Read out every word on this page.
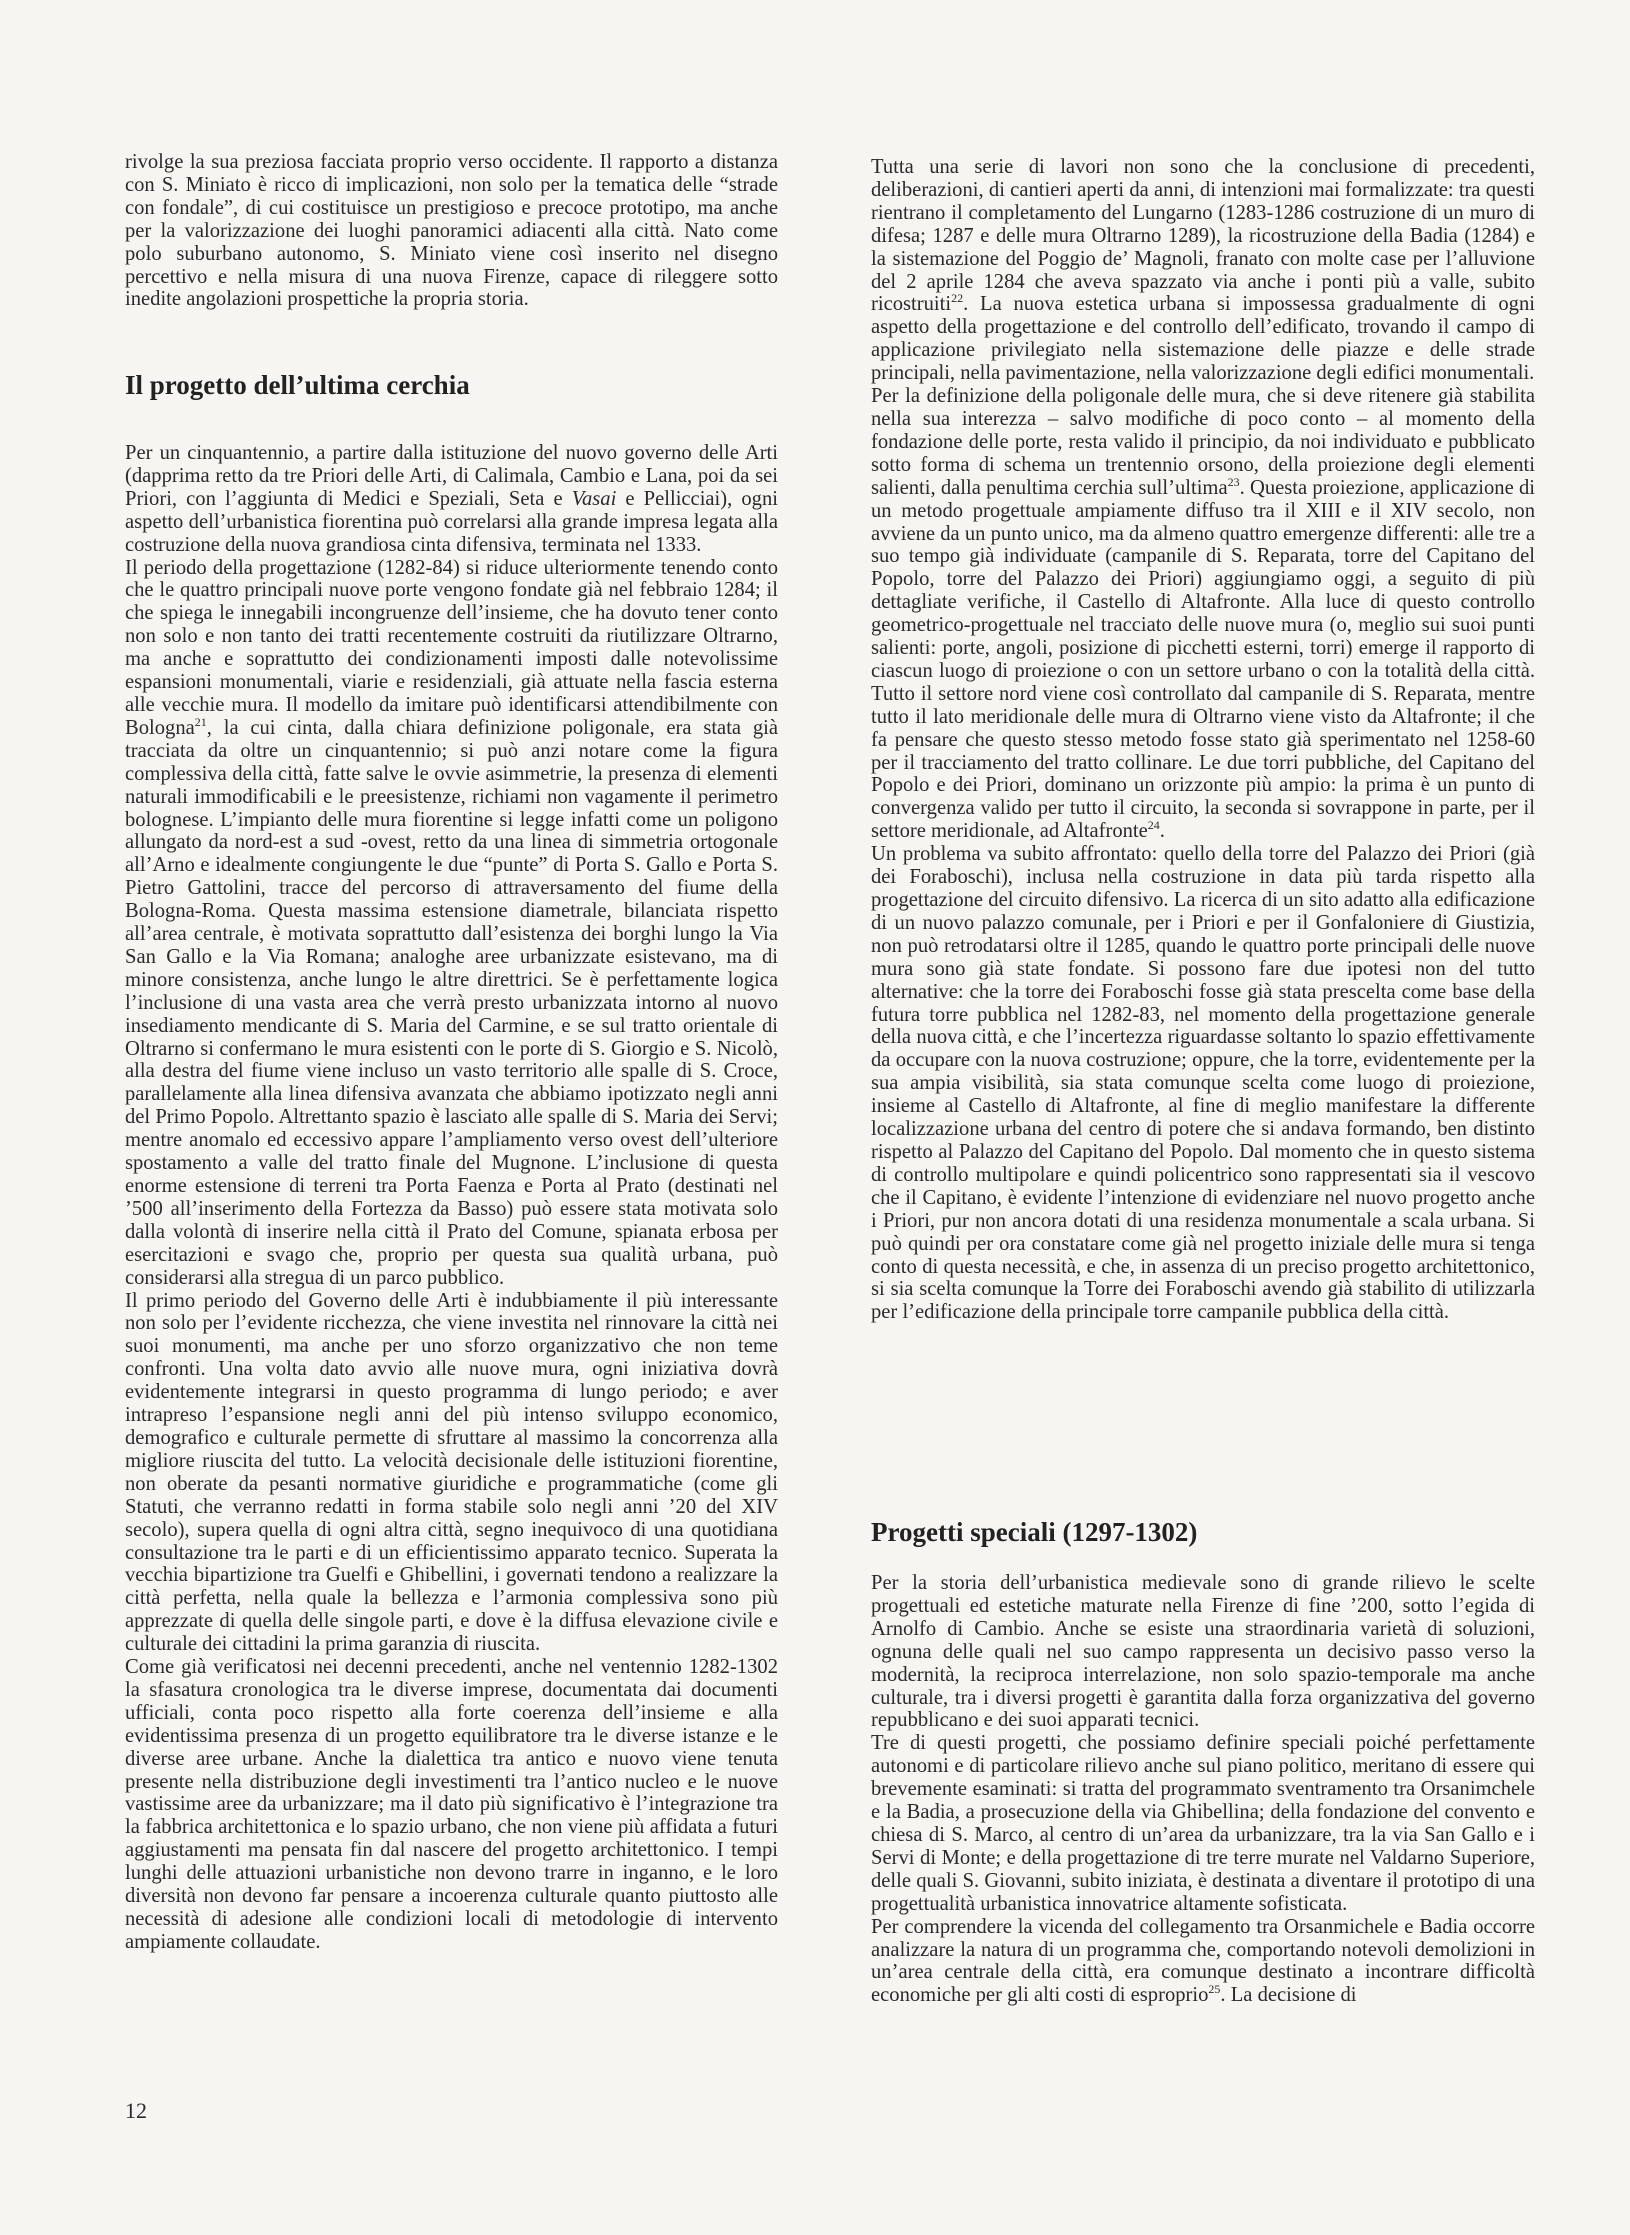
rivolge la sua preziosa facciata proprio verso occidente. Il rapporto a distanza con S. Miniato è ricco di implicazioni, non solo per la tematica delle “strade con fondale”, di cui costituisce un prestigioso e precoce prototipo, ma anche per la valorizzazione dei luoghi panoramici adiacenti alla città. Nato come polo suburbano autonomo, S. Miniato viene così inserito nel disegno percettivo e nella misura di una nuova Firenze, capace di rileggere sotto inedite angolazioni prospettiche la propria storia.

Il progetto dell’ultima cerchia

Per un cinquantennio, a partire dalla istituzione del nuovo governo delle Arti (dapprima retto da tre Priori delle Arti, di Calimala, Cambio e Lana, poi da sei Priori, con l’aggiunta di Medici e Speziali, Seta e Vasai e Pellicciai), ogni aspetto dell’urbanistica fiorentina può correlarsi alla grande impresa legata alla costruzione della nuova grandiosa cinta difensiva, terminata nel 1333.

Il periodo della progettazione (1282-84) si riduce ulteriormente tenendo conto che le quattro principali nuove porte vengono fondate già nel febbraio 1284; il che spiega le innegabili incongruenze dell’insieme, che ha dovuto tener conto non solo e non tanto dei tratti recentemente costruiti da riutilizzare Oltrarno, ma anche e soprattutto dei condizionamenti imposti dalle notevolissime espansioni monumentali, viarie e residenziali, già attuate nella fascia esterna alle vecchie mura. Il modello da imitare può identificarsi attendibilmente con Bologna$^{21}$, la cui cinta, dalla chiara definizione poligonale, era stata già tracciata da oltre un cinquantennio; si può anzi notare come la figura complessiva della città, fatte salve le ovvie asimmetrie, la presenza di elementi naturali immodificabili e le preesistenze, richiami non vagamente il perimetro bolognese. L’impianto delle mura fiorentine si legge infatti come un poligono allungato da nord-est a sud -ovest, retto da una linea di simmetria ortogonale all’Arno e idealmente congiungente le due “punte” di Porta S. Gallo e Porta S. Pietro Gattolini, tracce del percorso di attraversamento del fiume della Bologna-Roma. Questa massima estensione diametrale, bilanciata rispetto all’area centrale, è motivata soprattutto dall’esistenza dei borghi lungo la Via San Gallo e la Via Romana; analoghe aree urbanizzate esistevano, ma di minore consistenza, anche lungo le altre direttrici. Se è perfettamente logica l’inclusione di una vasta area che verrà presto urbanizzata intorno al nuovo insediamento mendicante di S. Maria del Carmine, e se sul tratto orientale di Oltrarno si confermano le mura esistenti con le porte di S. Giorgio e S. Nicolò, alla destra del fiume viene incluso un vasto territorio alle spalle di S. Croce, parallelamente alla linea difensiva avanzata che abbiamo ipotizzato negli anni del Primo Popolo. Altrettanto spazio è lasciato alle spalle di S. Maria dei Servi; mentre anomalo ed eccessivo appare l’ampliamento verso ovest dell’ulteriore spostamento a valle del tratto finale del Mugnone. L’inclusione di questa enorme estensione di terreni tra Porta Faenza e Porta al Prato (destinati nel ’500 all’inserimento della Fortezza da Basso) può essere stata motivata solo dalla volontà di inserire nella città il Prato del Comune, spianata erbosa per esercitazioni e svago che, proprio per questa sua qualità urbana, può considerarsi alla stregua di un parco pubblico.

Il primo periodo del Governo delle Arti è indubbiamente il più interessante non solo per l’evidente ricchezza, che viene investita nel rinnovare la città nei suoi monumenti, ma anche per uno sforzo organizzativo che non teme confronti. Una volta dato avvio alle nuove mura, ogni iniziativa dovrà evidentemente integrarsi in questo programma di lungo periodo; e aver intrapreso l’espansione negli anni del più intenso sviluppo economico, demografico e culturale permette di sfruttare al massimo la concorrenza alla migliore riuscita del tutto. La velocità decisionale delle istituzioni fiorentine, non oberate da pesanti normative giuridiche e programmatiche (come gli Statuti, che verranno redatti in forma stabile solo negli anni ’20 del XIV secolo), supera quella di ogni altra città, segno inequivoco di una quotidiana consultazione tra le parti e di un efficientissimo apparato tecnico. Superata la vecchia bipartizione tra Guelfi e Ghibellini, i governati tendono a realizzare la città perfetta, nella quale la bellezza e l’armonia complessiva sono più apprezzate di quella delle singole parti, e dove è la diffusa elevazione civile e culturale dei cittadini la prima garanzia di riuscita.

Come già verificatosi nei decenni precedenti, anche nel ventennio 1282-1302 la sfasatura cronologica tra le diverse imprese, documentata dai documenti ufficiali, conta poco rispetto alla forte coerenza dell’insieme e alla evidentissima presenza di un progetto equilibratore tra le diverse istanze e le diverse aree urbane. Anche la dialettica tra antico e nuovo viene tenuta presente nella distribuzione degli investimenti tra l’antico nucleo e le nuove vastissime aree da urbanizzare; ma il dato più significativo è l’integrazione tra la fabbrica architettonica e lo spazio urbano, che non viene più affidata a futuri aggiustamenti ma pensata fin dal nascere del progetto architettonico. I tempi lunghi delle attuazioni urbanistiche non devono trarre in inganno, e le loro diversità non devono far pensare a incoerenza culturale quanto piuttosto alle necessità di adesione alle condizioni locali di metodologie di intervento ampiamente collaudate.

Tutta una serie di lavori non sono che la conclusione di precedenti, deliberazioni, di cantieri aperti da anni, di intenzioni mai formalizzate: tra questi rientrano il completamento del Lungarno (1283-1286 costruzione di un muro di difesa; 1287 e delle mura Oltrarno 1289), la ricostruzione della Badia (1284) e la sistemazione del Poggio de’ Magnoli, franato con molte case per l’alluvione del 2 aprile 1284 che aveva spazzato via anche i ponti più a valle, subito ricostruiti$^{22}$. La nuova estetica urbana si impossessa gradualmente di ogni aspetto della progettazione e del controllo dell’edificato, trovando il campo di applicazione privilegiato nella sistemazione delle piazze e delle strade principali, nella pavimentazione, nella valorizzazione degli edifici monumentali.

Per la definizione della poligonale delle mura, che si deve ritenere già stabilita nella sua interezza – salvo modifiche di poco conto – al momento della fondazione delle porte, resta valido il principio, da noi individuato e pubblicato sotto forma di schema un trentennio orsono, della proiezione degli elementi salienti, dalla penultima cerchia sull’ultima$^{23}$. Questa proiezione, applicazione di un metodo progettuale ampiamente diffuso tra il XIII e il XIV secolo, non avviene da un punto unico, ma da almeno quattro emergenze differenti: alle tre a suo tempo già individuate (campanile di S. Reparata, torre del Capitano del Popolo, torre del Palazzo dei Priori) aggiungiamo oggi, a seguito di più dettagliate verifiche, il Castello di Altafronte. Alla luce di questo controllo geometrico-progettuale nel tracciato delle nuove mura (o, meglio sui suoi punti salienti: porte, angoli, posizione di picchetti esterni, torri) emerge il rapporto di ciascun luogo di proiezione o con un settore urbano o con la totalità della città. Tutto il settore nord viene così controllato dal campanile di S. Reparata, mentre tutto il lato meridionale delle mura di Oltrarno viene visto da Altafronte; il che fa pensare che questo stesso metodo fosse stato già sperimentato nel 1258-60 per il tracciamento del tratto collinare. Le due torri pubbliche, del Capitano del Popolo e dei Priori, dominano un orizzonte più ampio: la prima è un punto di convergenza valido per tutto il circuito, la seconda si sovrappone in parte, per il settore meridionale, ad Altafronte$^{24}$.

Un problema va subito affrontato: quello della torre del Palazzo dei Priori (già dei Foraboschi), inclusa nella costruzione in data più tarda rispetto alla progettazione del circuito difensivo. La ricerca di un sito adatto alla edificazione di un nuovo palazzo comunale, per i Priori e per il Gonfaloniere di Giustizia, non può retrodatarsi oltre il 1285, quando le quattro porte principali delle nuove mura sono già state fondate. Si possono fare due ipotesi non del tutto alternative: che la torre dei Foraboschi fosse già stata prescelta come base della futura torre pubblica nel 1282-83, nel momento della progettazione generale della nuova città, e che l’incertezza riguardasse soltanto lo spazio effettivamente da occupare con la nuova costruzione; oppure, che la torre, evidentemente per la sua ampia visibilità, sia stata comunque scelta come luogo di proiezione, insieme al Castello di Altafronte, al fine di meglio manifestare la differente localizzazione urbana del centro di potere che si andava formando, ben distinto rispetto al Palazzo del Capitano del Popolo. Dal momento che in questo sistema di controllo multipolare e quindi policentrico sono rappresentati sia il vescovo che il Capitano, è evidente l’intenzione di evidenziare nel nuovo progetto anche i Priori, pur non ancora dotati di una residenza monumentale a scala urbana. Si può quindi per ora constatare come già nel progetto iniziale delle mura si tenga conto di questa necessità, e che, in assenza di un preciso progetto architettonico, si sia scelta comunque la Torre dei Foraboschi avendo già stabilito di utilizzarla per l’edificazione della principale torre campanile pubblica della città.

Progetti speciali (1297-1302)

Per la storia dell’urbanistica medievale sono di grande rilievo le scelte progettuali ed estetiche maturate nella Firenze di fine ’200, sotto l’egida di Arnolfo di Cambio. Anche se esiste una straordinaria varietà di soluzioni, ognuna delle quali nel suo campo rappresenta un decisivo passo verso la modernità, la reciproca interrelazione, non solo spazio-temporale ma anche culturale, tra i diversi progetti è garantita dalla forza organizzativa del governo repubblicano e dei suoi apparati tecnici.

Tre di questi progetti, che possiamo definire speciali poiché perfettamente autonomi e di particolare rilievo anche sul piano politico, meritano di essere qui brevemente esaminati: si tratta del programmato sventramento tra Orsanimchele e la Badia, a prosecuzione della via Ghibellina; della fondazione del convento e chiesa di S. Marco, al centro di un’area da urbanizzare, tra la via San Gallo e i Servi di Monte; e della progettazione di tre terre murate nel Valdarno Superiore, delle quali S. Giovanni, subito iniziata, è destinata a diventare il prototipo di una progettualità urbanistica innovatrice altamente sofisticata.

Per comprendere la vicenda del collegamento tra Orsanmichele e Badia occorre analizzare la natura di un programma che, comportando notevoli demolizioni in un’area centrale della città, era comunque destinato a incontrare difficoltà economiche per gli alti costi di esproprio$^{25}$. La decisione di

12
